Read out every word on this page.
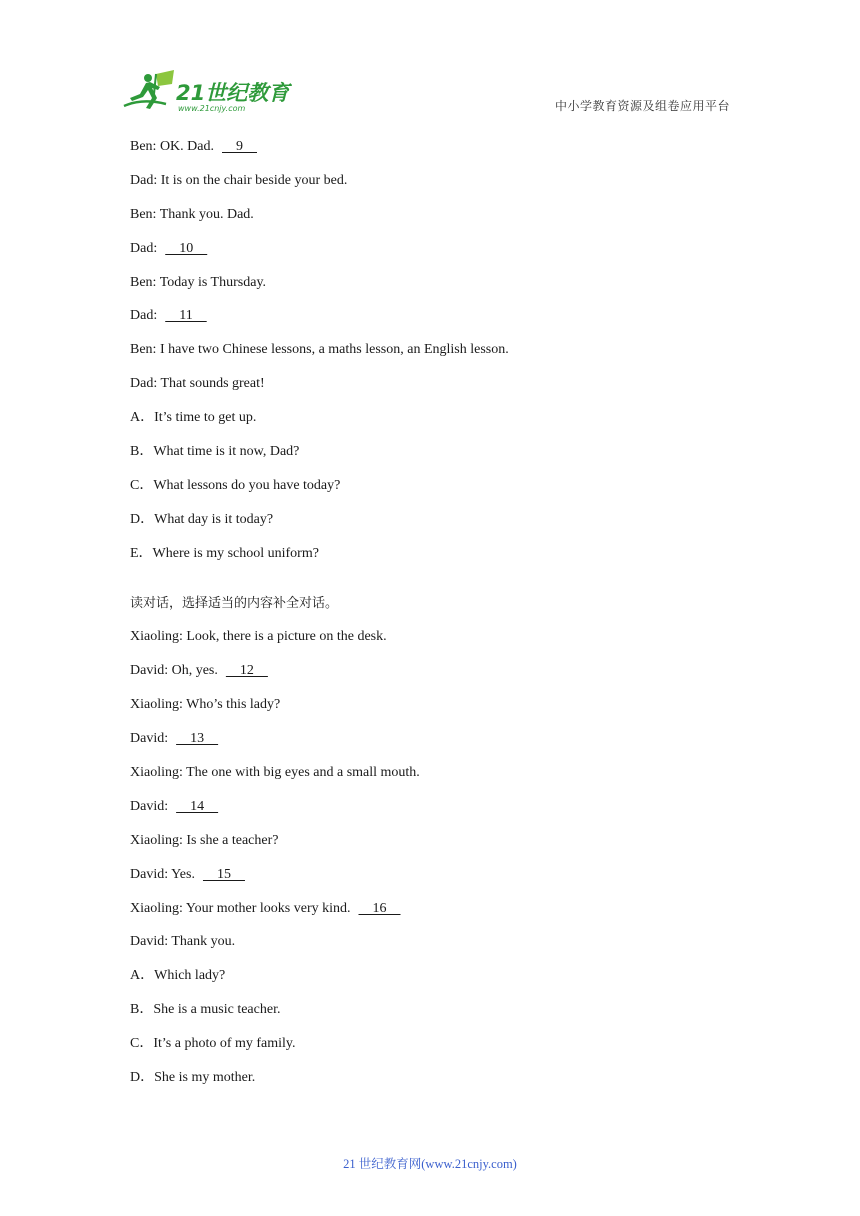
21世纪教育
www.21cnjy.com	中小学教育资源及组卷应用平台
Ben: OK. Dad.    9
Dad: It is on the chair beside your bed.
Ben: Thank you. Dad.
Dad:    10
Ben: Today is Thursday.
Dad:    11
Ben: I have two Chinese lessons, a maths lesson, an English lesson.
Dad: That sounds great!
A．It’s time to get up.
B．What time is it now, Dad?
C．What lessons do you have today?
D．What day is it today?
E．Where is my school uniform?
读对话，选择适当的内容补全对话。
Xiaoling: Look, there is a picture on the desk.
David: Oh, yes.    12
Xiaoling: Who’s this lady?
David:    13
Xiaoling: The one with big eyes and a small mouth.
David:    14
Xiaoling: Is she a teacher?
David: Yes.    15
Xiaoling: Your mother looks very kind.    16
David: Thank you.
A．Which lady?
B．She is a music teacher.
C．It’s a photo of my family.
D．She is my mother.
21 世纪教育网(www.21cnjy.com)
